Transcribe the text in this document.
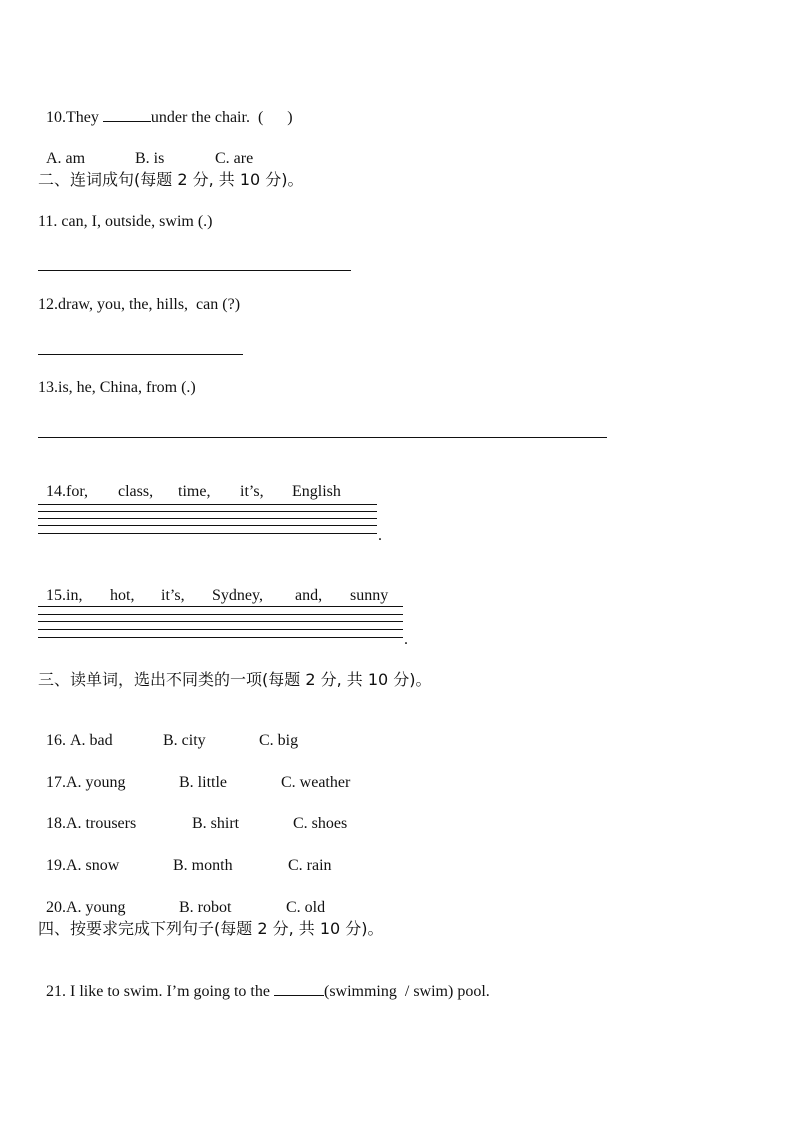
10.They	under the chair.  (      )

A. am	B. is	C. are

二、连词成句(每题 2 分, 共 10 分)。
11. can, I, outside, swim (.)
12.draw, you, the, hills,  can (?)
13.is, he, China, from (.)

14.for, class, time, it’s, English

.

15.in, hot, it’s, Sydney, and, sunny

.
三、读单词，选出不同类的一项(每题 2 分, 共 10 分)。

16. A. bad	B. city	C. big

17.A. young	B. little	C. weather

18.A. trousers	B. shirt	C. shoes

19.A. snow	B. month	C. rain

20.A. young	B. robot	C. old

四、按要求完成下列句子(每题 2 分, 共 10 分)。

21. I like to swim. I’m going to the	(swimming  / swim) pool.
